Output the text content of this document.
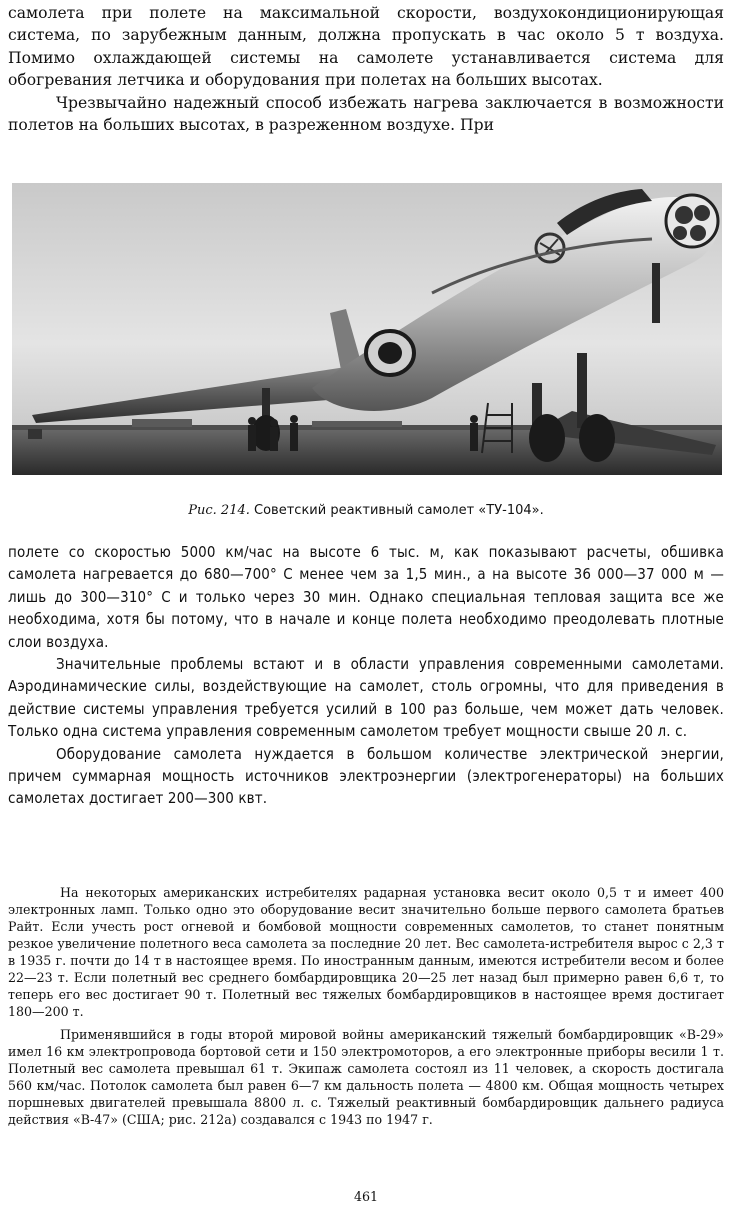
самолета при полете на максимальной скорости, воздухокондиционирующая система, по зарубежным данным, должна пропускать в час около 5 т воздуха. Помимо охлаждающей системы на самолете устанавливается система для обогревания летчика и оборудования при полетах на больших высотах.

Чрезвычайно надежный способ избежать нагрева заключается в возможности полетов на больших высотах, в разреженном воздухе. При

Рис. 214. Советский реактивный самолет «ТУ-104».

полете со скоростью 5000 км/час на высоте 6 тыс. м, как показывают расчеты, обшивка самолета нагревается до 680—700° С менее чем за 1,5 мин., а на высоте 36 000—37 000 м — лишь до 300—310° С и только через 30 мин. Однако специальная тепловая защита все же необходима, хотя бы потому, что в начале и конце полета необходимо преодолевать плотные слои воздуха.

Значительные проблемы встают и в области управления современными самолетами. Аэродинамические силы, воздействующие на самолет, столь огромны, что для приведения в действие системы управления требуется усилий в 100 раз больше, чем может дать человек. Только одна система управления современным самолетом требует мощности свыше 20 л. с.

Оборудование самолета нуждается в большом количестве электрической энергии, причем суммарная мощность источников электроэнергии (электрогенераторы) на больших самолетах достигает 200—300 квт.

На некоторых американских истребителях радарная установка весит около 0,5 т и имеет 400 электронных ламп. Только одно это оборудование весит значительно больше первого самолета братьев Райт. Если учесть рост огневой и бомбовой мощности современных самолетов, то станет понятным резкое увеличение полетного веса самолета за последние 20 лет. Вес самолета-истребителя вырос с 2,3 т в 1935 г. почти до 14 т в настоящее время. По иностранным данным, имеются истребители весом и более 22—23 т. Если полетный вес среднего бомбардировщика 20—25 лет назад был примерно равен 6,6 т, то теперь его вес достигает 90 т. Полетный вес тяжелых бомбардировщиков в настоящее время достигает 180—200 т.

Применявшийся в годы второй мировой войны американский тяжелый бомбардировщик «В-29» имел 16 км электропровода бортовой сети и 150 электромоторов, а его электронные приборы весили 1 т. Полетный вес самолета превышал 61 т. Экипаж самолета состоял из 11 человек, а скорость достигала 560 км/час. Потолок самолета был равен 6—7 км дальность полета — 4800 км. Общая мощность четырех поршневых двигателей превышала 8800 л. с. Тяжелый реактивный бомбардировщик дальнего радиуса действия «В-47» (США; рис. 212а) создавался с 1943 по 1947 г.

461
